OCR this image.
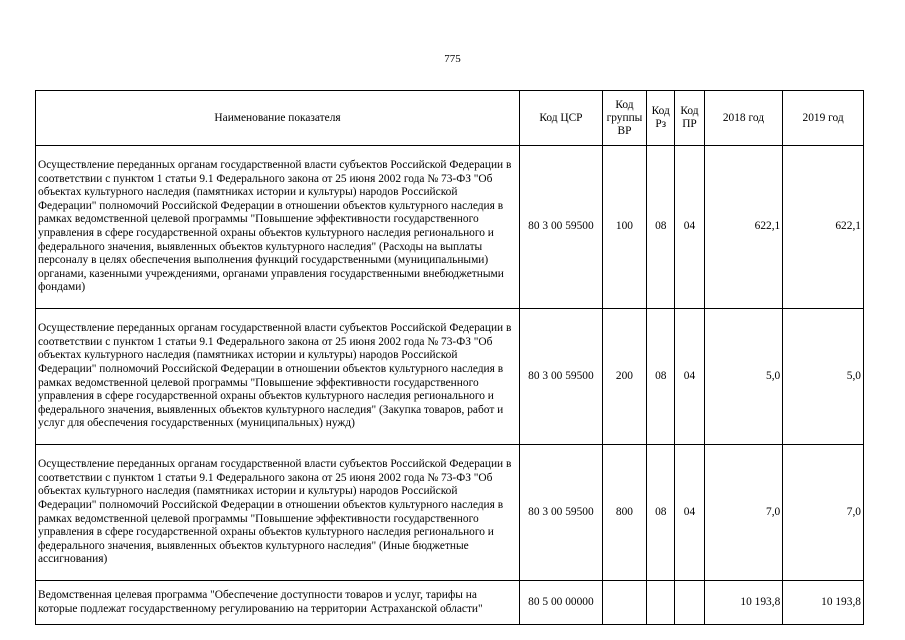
775
Наименование показателя	Код ЦСР	Код группы ВР	Код Рз	Код ПР	2018 год	2019 год
Осуществление переданных органам государственной власти субъектов Российской Федерации в соответствии с пунктом 1 статьи 9.1 Федерального закона от 25 июня 2002 года № 73-ФЗ "Об объектах культурного наследия (памятниках истории и культуры) народов Российской Федерации" полномочий Российской Федерации в отношении объектов культурного наследия в рамках ведомственной целевой программы "Повышение эффективности государственного управления в сфере государственной охраны объектов культурного наследия регионального и федерального значения, выявленных объектов культурного наследия" (Расходы на выплаты персоналу в целях обеспечения выполнения функций государственными (муниципальными) органами, казенными учреждениями, органами управления государственными внебюджетными фондами)	80 3 00 59500	100	08	04	622,1	622,1
Осуществление переданных органам государственной власти субъектов Российской Федерации в соответствии с пунктом 1 статьи 9.1 Федерального закона от 25 июня 2002 года № 73-ФЗ "Об объектах культурного наследия (памятниках истории и культуры) народов Российской Федерации" полномочий Российской Федерации в отношении объектов культурного наследия в рамках ведомственной целевой программы "Повышение эффективности государственного управления в сфере государственной охраны объектов культурного наследия регионального и федерального значения, выявленных объектов культурного наследия" (Закупка товаров, работ и услуг для обеспечения государственных (муниципальных) нужд)	80 3 00 59500	200	08	04	5,0	5,0
Осуществление переданных органам государственной власти субъектов Российской Федерации в соответствии с пунктом 1 статьи 9.1 Федерального закона от 25 июня 2002 года № 73-ФЗ "Об объектах культурного наследия (памятниках истории и культуры) народов Российской Федерации" полномочий Российской Федерации в отношении объектов культурного наследия в рамках ведомственной целевой программы "Повышение эффективности государственного управления в сфере государственной охраны объектов культурного наследия регионального и федерального значения, выявленных объектов культурного наследия" (Иные бюджетные ассигнования)	80 3 00 59500	800	08	04	7,0	7,0
Ведомственная целевая программа "Обеспечение доступности товаров и услуг, тарифы на которые подлежат государственному регулированию на территории Астраханской области"	80 5 00 00000				10 193,8	10 193,8
